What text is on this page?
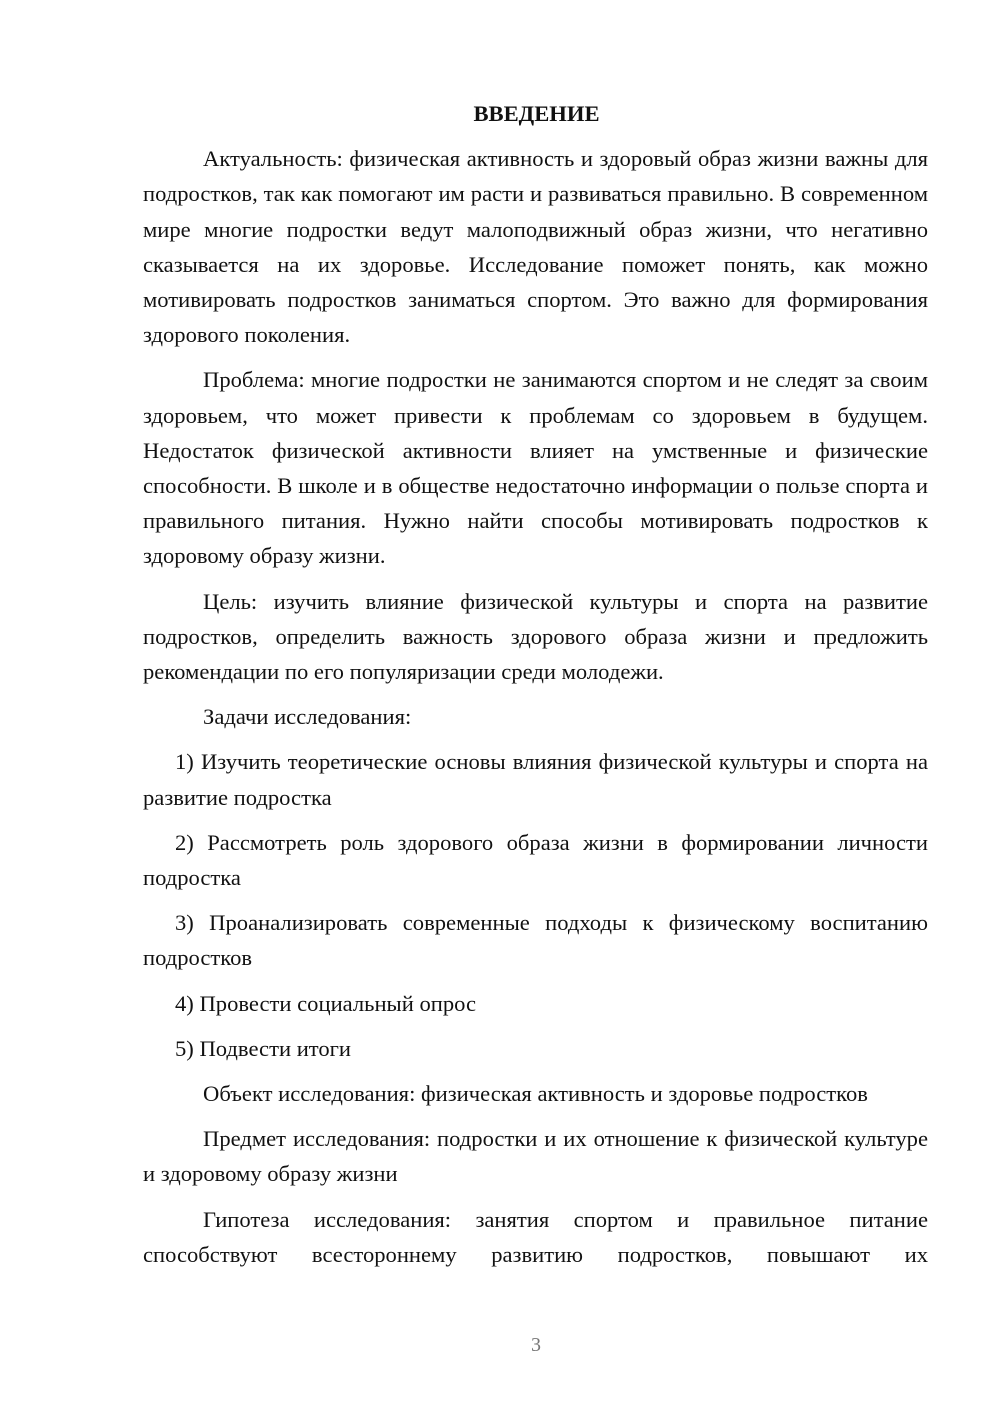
ВВЕДЕНИЕ

Актуальность: физическая активность и здоровый образ жизни важны для подростков, так как помогают им расти и развиваться правильно. В современном мире многие подростки ведут малоподвижный образ жизни, что негативно сказывается на их здоровье. Исследование поможет понять, как можно мотивировать подростков заниматься спортом. Это важно для формирования здорового поколения.

Проблема: многие подростки не занимаются спортом и не следят за своим здоровьем, что может привести к проблемам со здоровьем в будущем. Недостаток физической активности влияет на умственные и физические способности. В школе и в обществе недостаточно информации о пользе спорта и правильного питания. Нужно найти способы мотивировать подростков к здоровому образу жизни.

Цель: изучить влияние физической культуры и спорта на развитие подростков, определить важность здорового образа жизни и предложить рекомендации по его популяризации среди молодежи.

Задачи исследования:

1) Изучить теоретические основы влияния физической культуры и спорта на развитие подростка

2) Рассмотреть роль здорового образа жизни в формировании личности подростка

3) Проанализировать современные подходы к физическому воспитанию подростков

4) Провести социальный опрос

5) Подвести итоги

Объект исследования: физическая активность и здоровье подростков

Предмет исследования: подростки и их отношение к физической культуре и здоровому образу жизни

Гипотеза исследования: занятия спортом и правильное питание способствуют всестороннему развитию подростков, повышают их

3
